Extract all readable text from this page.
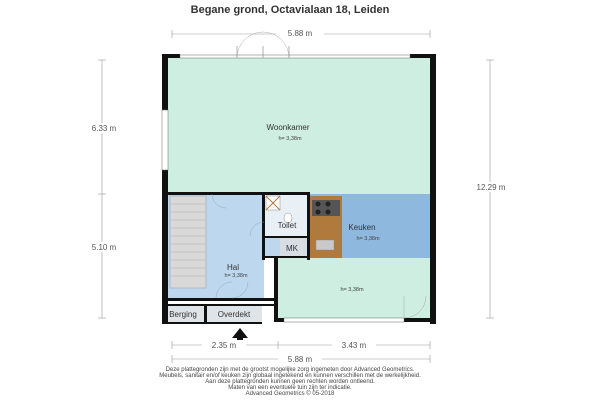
Begane grond, Octavialaan 18, Leiden
5.88 m
6.33 m
5.10 m
12.29 m
Woonkamer
h= 3,38m
Keuken
h= 3,38m
Toilet
MK
Hal
h= 3,38m
h= 3,38m
Berging	Overdekt
2.35 m	3.43 m
5.88 m
Deze plattegronden zijn met de grootst mogelijke zorg ingemeten door Advanced Geometrics.
Meubels, sanitair en/of keuken zijn globaal ingetekend en kunnen verschillen met de werkelijkheid.
Aan deze plattegronden kunnen geen rechten worden ontleend.
Maten van een eventuele tuin zijn ter indicatie.
Advanced Geometrics © 05-2018
